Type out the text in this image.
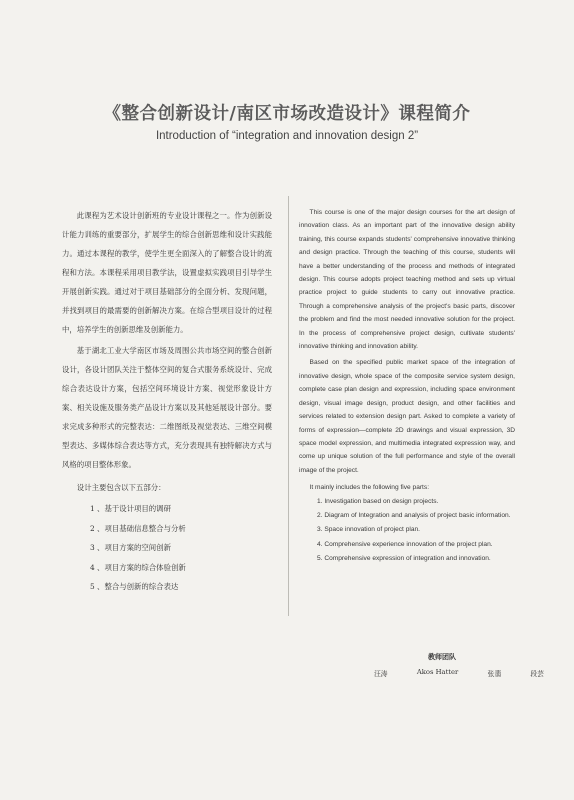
《整合创新设计/南区市场改造设计》课程简介
Introduction of “integration and innovation design 2”

此课程为艺术设计创新班的专业设计课程之一。作为创新设计能力训练的重要部分，扩展学生的综合创新思维和设计实践能力。通过本课程的教学，使学生更全面深入的了解整合设计的流程和方法。本课程采用项目教学法，设置虚拟实践项目引导学生开展创新实践。通过对于项目基础部分的全面分析、发现问题，并找到项目的最需要的创新解决方案。在综合型项目设计的过程中，培养学生的创新思维及创新能力。

基于湖北工业大学南区市场及周围公共市场空间的整合创新设计，各设计团队关注于整体空间的复合式服务系统设计、完成综合表达设计方案，包括空间环境设计方案、视觉形象设计方案、相关设施及服务类产品设计方案以及其他延展设计部分。要求完成多种形式的完整表达：二维图纸及视觉表达、三维空间模型表达、多媒体综合表达等方式，充分表现具有独特解决方式与风格的项目整体形象。

设计主要包含以下五部分：

1 、基于设计项目的调研
2 、项目基础信息整合与分析
3 、项目方案的空间创新
4 、项目方案的综合体验创新
5 、整合与创新的综合表达

This course is one of the major design courses for the art design of innovation class. As an important part of the innovative design ability training, this course expands students' comprehensive innovative thinking and design practice. Through the teaching of this course, students will have a better understanding of the process and methods of integrated design. This course adopts project teaching method and sets up virtual practice project to guide students to carry out innovative practice. Through a comprehensive analysis of the project's basic parts, discover the problem and find the most needed innovative solution for the project. In the process of comprehensive project design, cultivate students' innovative thinking and innovation ability.

Based on the specified public market space of the integration of innovative design, whole space of the composite service system design, complete case plan design and expression, including space environment design, visual image design, product design, and other facilities and services related to extension design part. Asked to complete a variety of forms of expression—complete 2D drawings and visual expression, 3D space model expression, and multimedia integrated expression way, and come up unique solution of the full performance and style of the overall image of the project.

It mainly includes the following five parts:

1. Investigation based on design projects.
2. Diagram of Integration and analysis of project basic information.
3. Space innovation of project plan.
4. Comprehensive experience innovation of the project plan.
5. Comprehensive expression of integration and innovation.
教师团队
汪涛	Akos Hatter	张翡	段芸
